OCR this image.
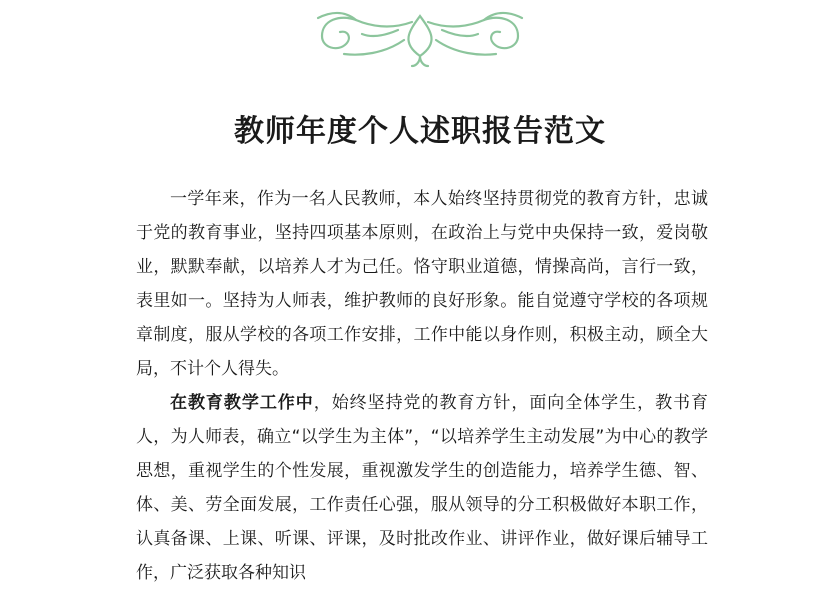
教师年度个人述职报告范文

一学年来，作为一名人民教师，本人始终坚持贯彻党的教育方针，忠诚于党的教育事业，坚持四项基本原则，在政治上与党中央保持一致，爱岗敬业，默默奉献，以培养人才为己任。恪守职业道德，情操高尚，言行一致，表里如一。坚持为人师表，维护教师的良好形象。能自觉遵守学校的各项规章制度，服从学校的各项工作安排，工作中能以身作则，积极主动，顾全大局，不计个人得失。

在教育教学工作中，始终坚持党的教育方针，面向全体学生，教书育人，为人师表，确立“以学生为主体”，“以培养学生主动发展”为中心的教学思想，重视学生的个性发展，重视激发学生的创造能力，培养学生德、智、体、美、劳全面发展，工作责任心强，服从领导的分工积极做好本职工作，认真备课、上课、听课、评课，及时批改作业、讲评作业，做好课后辅导工作，广泛获取各种知识
